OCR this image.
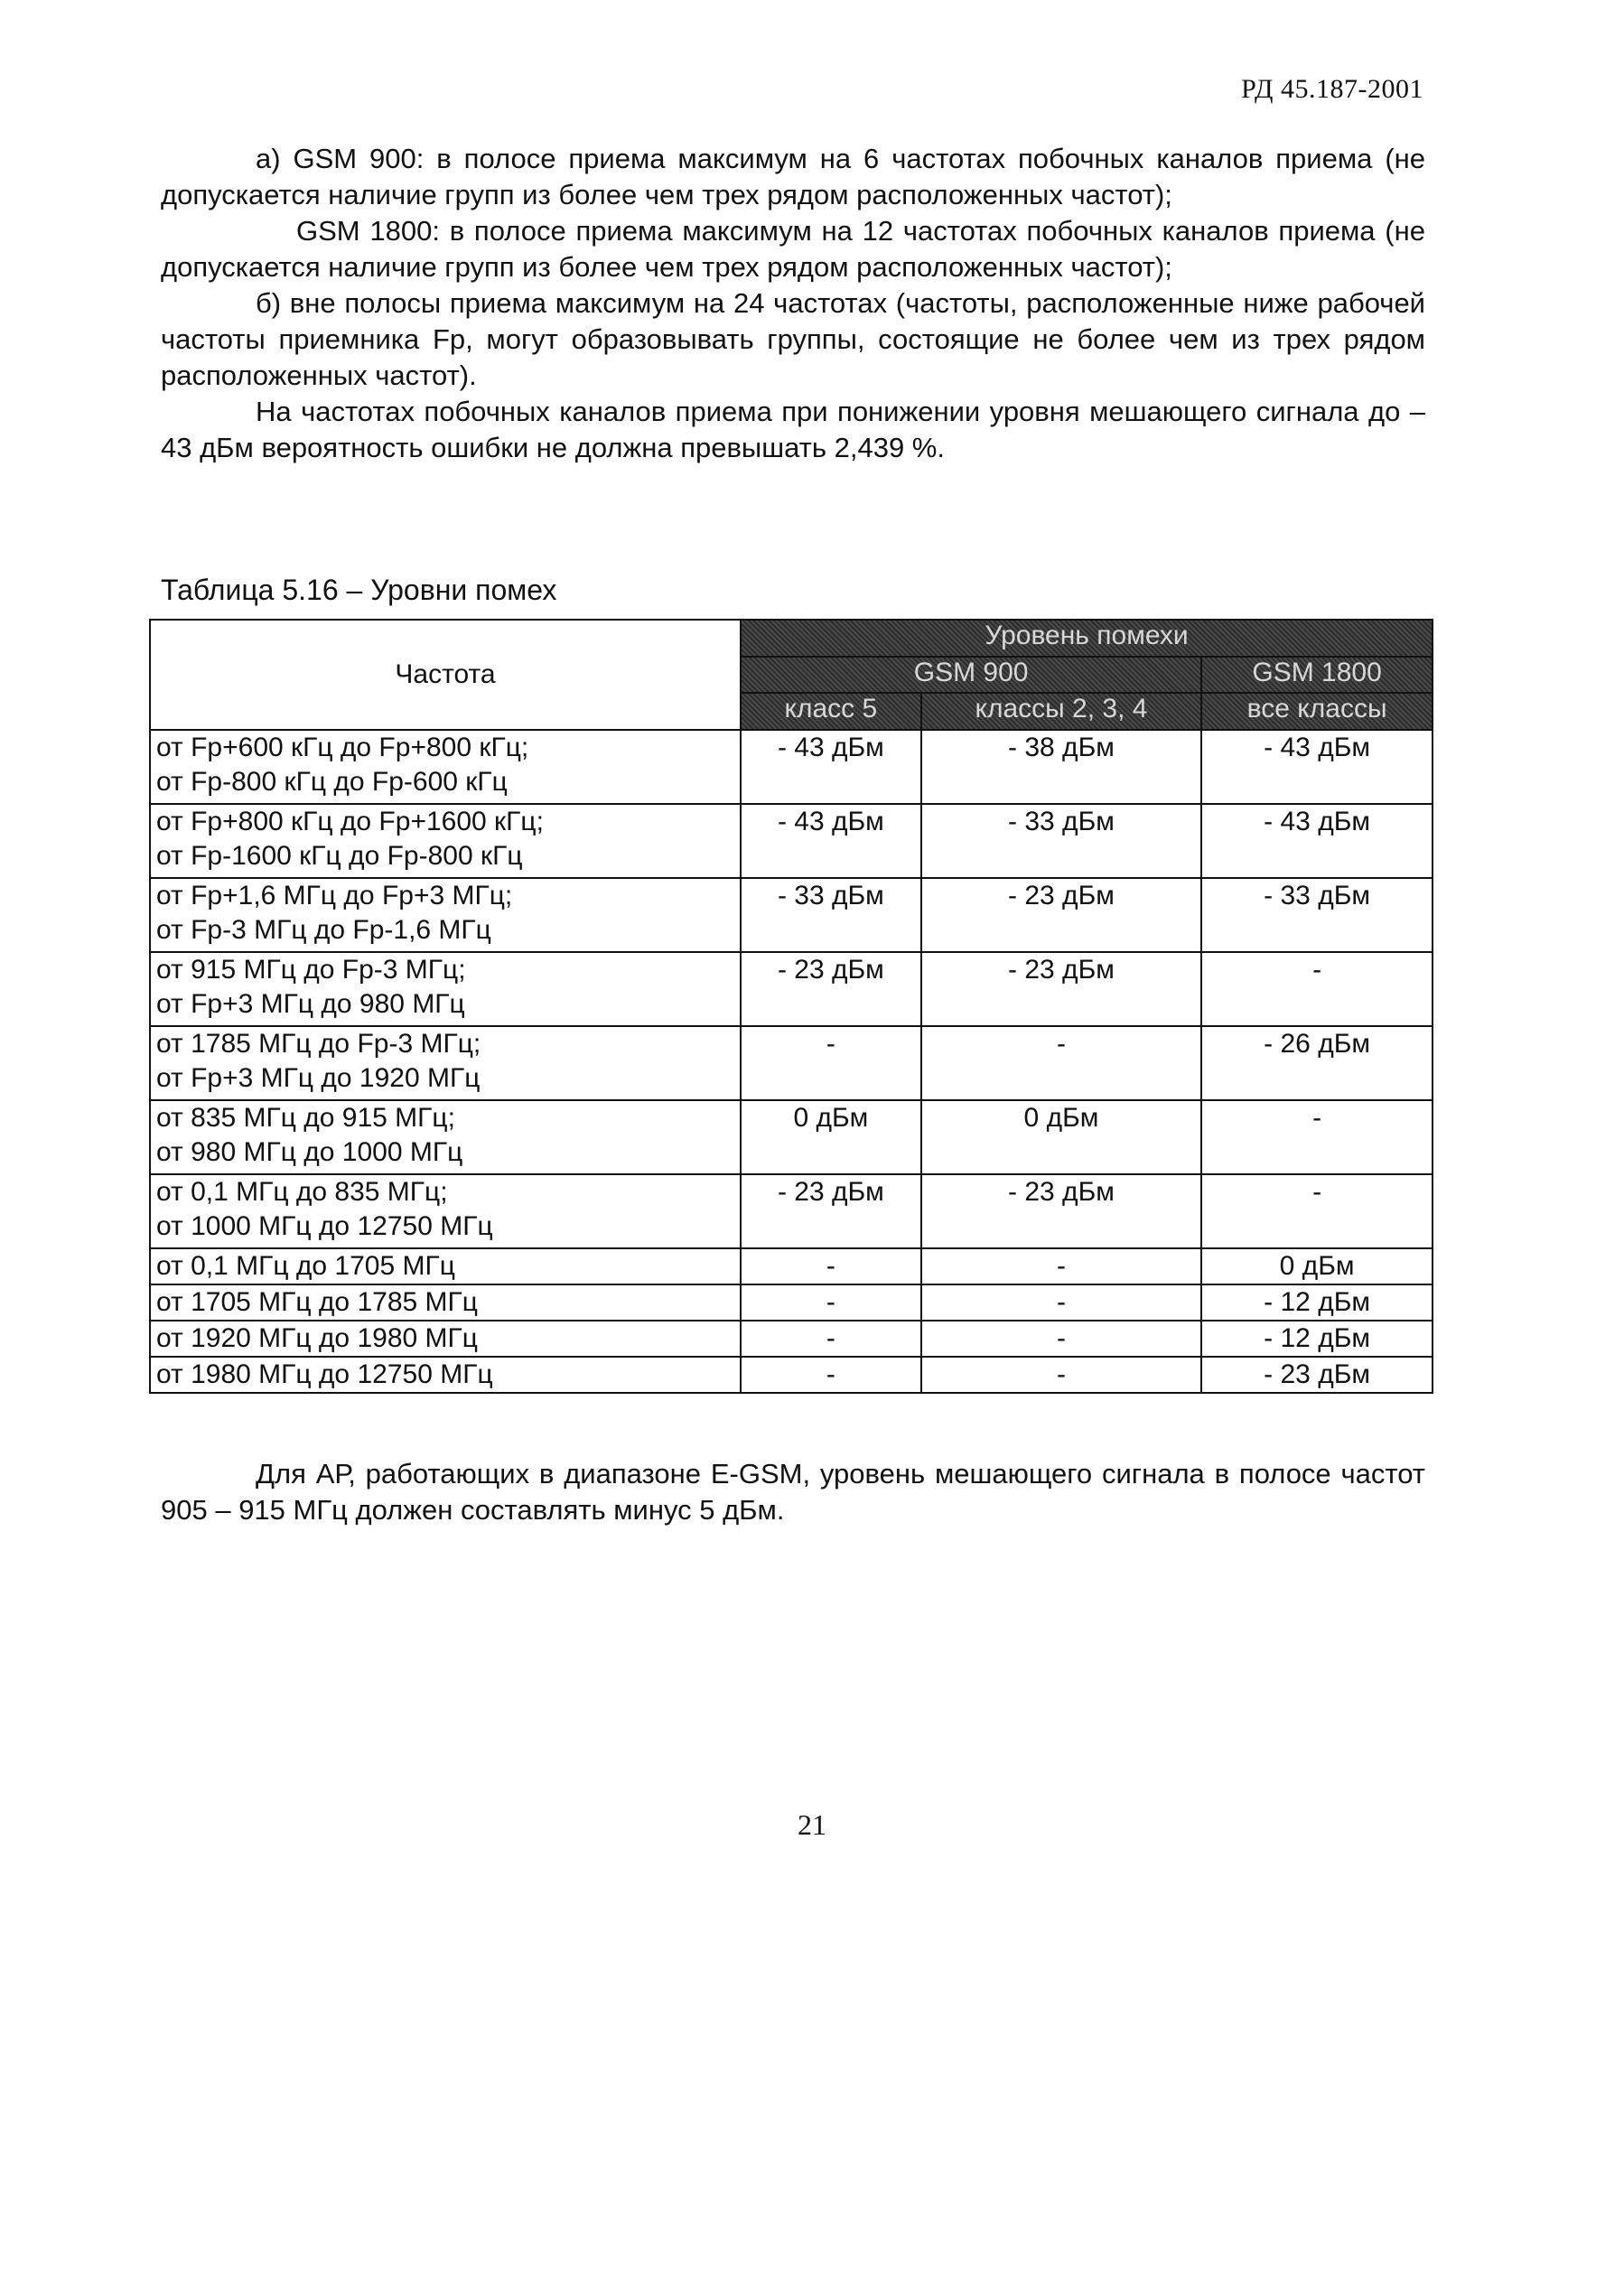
РД 45.187-2001

а) GSM 900: в полосе приема максимум на 6 частотах побочных каналов приема (не допускается наличие групп из более чем трех рядом расположенных частот);

GSM 1800: в полосе приема максимум на 12 частотах побочных каналов приема (не допускается наличие групп из более чем трех рядом расположенных частот);

б) вне полосы приема максимум на 24 частотах (частоты, расположенные ниже рабочей частоты приемника Fр, могут образовывать группы, состоящие не более чем из трех рядом расположенных частот).

На частотах побочных каналов приема при понижении уровня мешающего сигнала до – 43 дБм вероятность ошибки не должна превышать 2,439 %.

Таблица 5.16 – Уровни помех
Частота	Уровень помехи		
	GSM 900		GSM 1800
	класс 5	классы 2, 3, 4	все классы

от Fр+600 кГц до Fр+800 кГц;
от Fр-800 кГц до Fр-600 кГц	- 43 дБм	- 38 дБм	- 43 дБм

от Fр+800 кГц до Fр+1600 кГц;
от Fр-1600 кГц до Fр-800 кГц	- 43 дБм	- 33 дБм	- 43 дБм

от Fр+1,6 МГц до Fр+3 МГц;
от Fр-3 МГц до Fр-1,6 МГц	- 33 дБм	- 23 дБм	- 33 дБм

от 915 МГц до Fр-3 МГц;
от Fр+3 МГц до 980 МГц	- 23 дБм	- 23 дБм	-

от 1785 МГц до Fр-3 МГц;
от Fр+3 МГц до 1920 МГц	-	-	- 26 дБм

от 835 МГц до 915 МГц;
от 980 МГц до 1000 МГц	0 дБм	0 дБм	-

от 0,1 МГц до 835 МГц;
от 1000 МГц до 12750 МГц	- 23 дБм	- 23 дБм	-
от 0,1 МГц до 1705 МГц	-	-	0 дБм
от 1705 МГц до 1785 МГц	-	-	- 12 дБм
от 1920 МГц до 1980 МГц	-	-	- 12 дБм
от 1980 МГц до 12750 МГц	-	-	- 23 дБм

Для АР, работающих в диапазоне E-GSM, уровень мешающего сигнала в полосе частот 905 – 915 МГц должен составлять минус 5 дБм.

21
